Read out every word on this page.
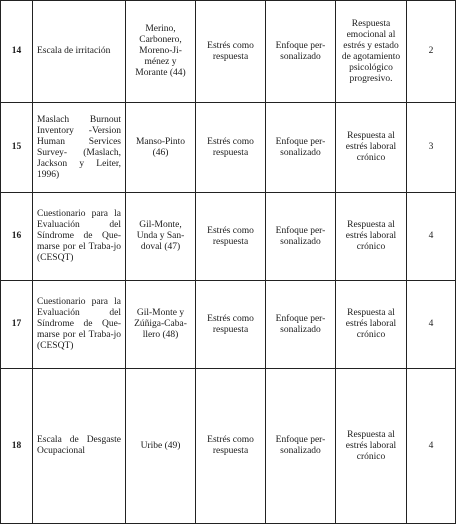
14	Escala de irritación	Merino, Carbonero, Moreno-Ji-ménez y Morante (44)	Estrés como respuesta	Enfoque per-sonalizado	Respuesta emocional al estrés y estado de agotamiento psicológico progresivo.	2
15	Maslach Burnout Inventory -Version Human Services Survey- (Maslach, Jackson y Leiter, 1996)	Manso-Pinto (46)	Estrés como respuesta	Enfoque per-sonalizado	Respuesta al estrés laboral crónico	3
16	Cuestionario para la Evaluación del Síndrome de Que-marse por el Traba-jo (CESQT)	Gil-Monte, Unda y San-doval (47)	Estrés como respuesta	Enfoque per-sonalizado	Respuesta al estrés laboral crónico	4
17	Cuestionario para la Evaluación del Síndrome de Que-marse por el Traba-jo (CESQT)	Gil-Monte y Zúñiga-Caba-llero (48)	Estrés como respuesta	Enfoque per-sonalizado	Respuesta al estrés laboral crónico	4
18	Escala de Desgaste Ocupacional	Uribe (49)	Estrés como respuesta	Enfoque per-sonalizado	Respuesta al estrés laboral crónico	4
